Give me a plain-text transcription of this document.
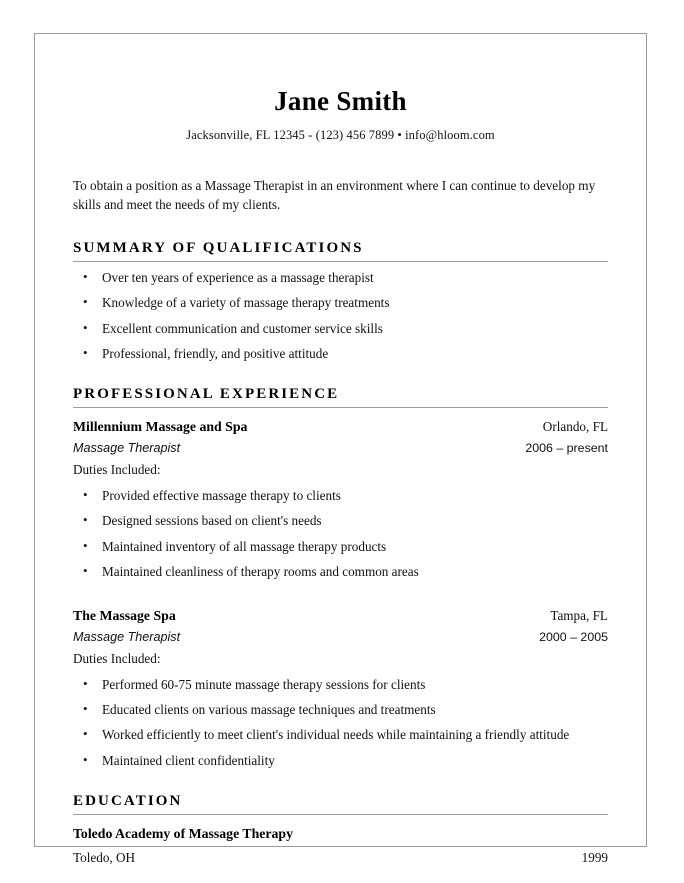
Jane Smith
Jacksonville, FL 12345 - (123) 456 7899 • info@hloom.com

To obtain a position as a Massage Therapist in an environment where I can continue to develop my skills and meet the needs of my clients.

SUMMARY OF QUALIFICATIONS
• Over ten years of experience as a massage therapist
• Knowledge of a variety of massage therapy treatments
• Excellent communication and customer service skills
• Professional, friendly, and positive attitude
PROFESSIONAL EXPERIENCE
Millennium Massage and Spa	Orlando, FL
Massage Therapist	2006 – present
Duties Included:
• Provided effective massage therapy to clients
• Designed sessions based on client's needs
• Maintained inventory of all massage therapy products
• Maintained cleanliness of therapy rooms and common areas
The Massage Spa	Tampa, FL
Massage Therapist	2000 – 2005
Duties Included:
• Performed 60-75 minute massage therapy sessions for clients
• Educated clients on various massage techniques and treatments
• Worked efficiently to meet client's individual needs while maintaining a friendly attitude
• Maintained client confidentiality
EDUCATION
Toledo Academy of Massage Therapy
Toledo, OH	1999
